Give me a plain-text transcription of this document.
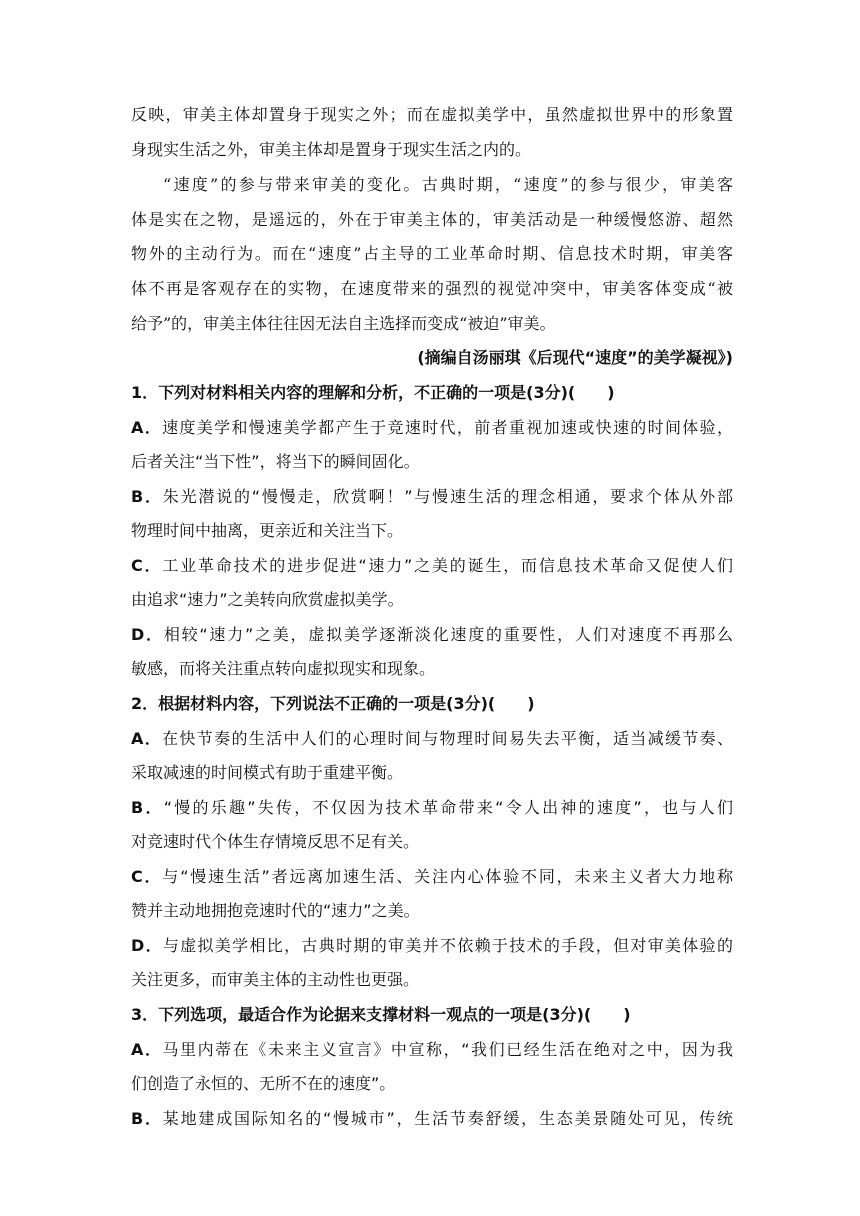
反映，审美主体却置身于现实之外；而在虚拟美学中，虽然虚拟世界中的形象置
身现实生活之外，审美主体却是置身于现实生活之内的。
“速度”的参与带来审美的变化。古典时期，“速度”的参与很少，审美客
体是实在之物，是遥远的，外在于审美主体的，审美活动是一种缓慢悠游、超然
物外的主动行为。而在“速度”占主导的工业革命时期、信息技术时期，审美客
体不再是客观存在的实物，在速度带来的强烈的视觉冲突中，审美客体变成“被
给予”的，审美主体往往因无法自主选择而变成“被迫”审美。
(摘编自汤丽琪《后现代“速度”的美学凝视》)
1．下列对材料相关内容的理解和分析，不正确的一项是(3分)(　　)
A．速度美学和慢速美学都产生于竞速时代，前者重视加速或快速的时间体验，
后者关注“当下性”，将当下的瞬间固化。
B．朱光潜说的“慢慢走，欣赏啊！”与慢速生活的理念相通，要求个体从外部
物理时间中抽离，更亲近和关注当下。
C．工业革命技术的进步促进“速力”之美的诞生，而信息技术革命又促使人们
由追求“速力”之美转向欣赏虚拟美学。
D．相较“速力”之美，虚拟美学逐渐淡化速度的重要性，人们对速度不再那么
敏感，而将关注重点转向虚拟现实和现象。
2．根据材料内容，下列说法不正确的一项是(3分)(　　)
A．在快节奏的生活中人们的心理时间与物理时间易失去平衡，适当减缓节奏、
采取减速的时间模式有助于重建平衡。
B．“慢的乐趣”失传，不仅因为技术革命带来“令人出神的速度”，也与人们
对竞速时代个体生存情境反思不足有关。
C．与“慢速生活”者远离加速生活、关注内心体验不同，未来主义者大力地称
赞并主动地拥抱竞速时代的“速力”之美。
D．与虚拟美学相比，古典时期的审美并不依赖于技术的手段，但对审美体验的
关注更多，而审美主体的主动性也更强。
3．下列选项，最适合作为论据来支撑材料一观点的一项是(3分)(　　)
A．马里内蒂在《未来主义宣言》中宣称，“我们已经生活在绝对之中，因为我
们创造了永恒的、无所不在的速度”。
B．某地建成国际知名的“慢城市”，生活节奏舒缓，生态美景随处可见，传统
